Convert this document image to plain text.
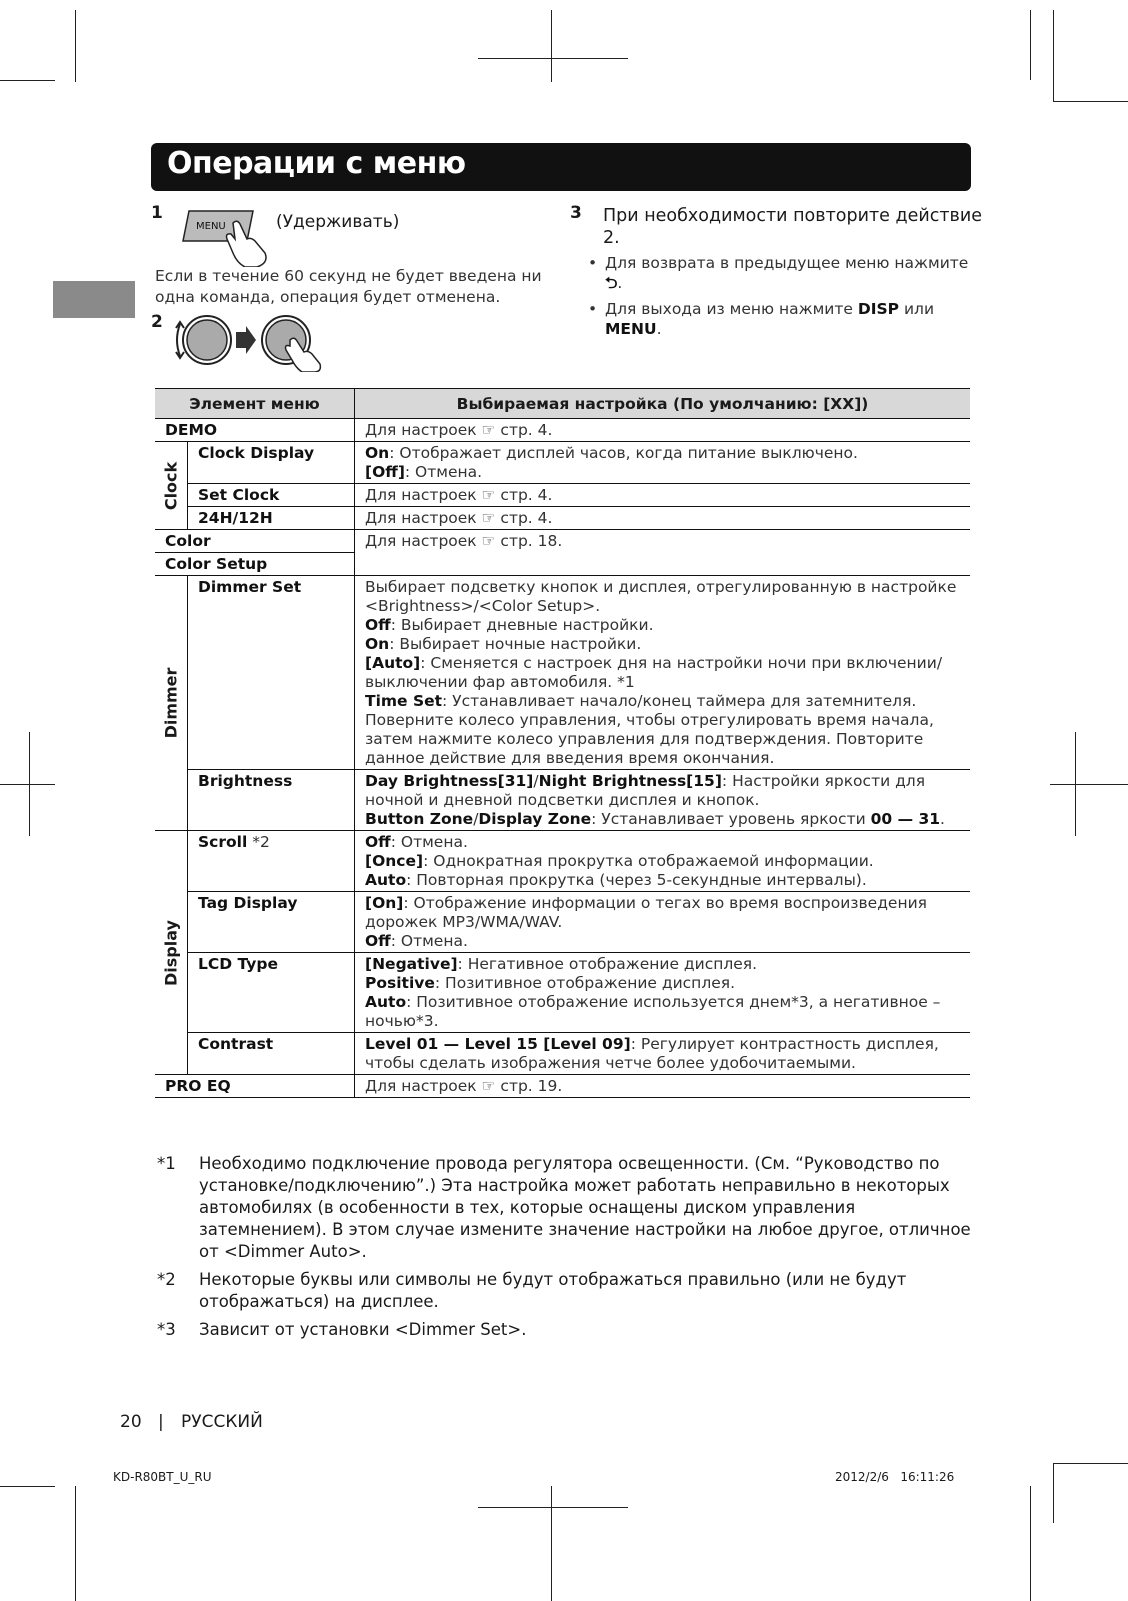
Операции с меню
1
MENU	(Удерживать)
Если в течение 60 секунд не будет введена ни одна команда, операция будет отменена.
2
3 При необходимости повторите действие 2.
• Для возврата в предыдущее меню нажмите
⮌.
• Для выхода из меню нажмите DISP или
MENU.
Элемент меню		Выбираемая настройка (По умолчанию: [XX])
DEMO		Для настроек ☞ стр. 4.

Clock	Clock Display	On: Отображает дисплей часов, когда питание выключено.
[Off]: Отмена.
	Set Clock	Для настроек ☞ стр. 4.
	24H/12H	Для настроек ☞ стр. 4.
Color		Для настроек ☞ стр. 18.
Color Setup		

Dimmer	Dimmer Set	Выбирает подсветку кнопок и дисплея, отрегулированную в настройке <Brightness>/<Color Setup>.
Off: Выбирает дневные настройки.
On: Выбирает ночные настройки.
[Auto]: Сменяется с настроек дня на настройки ночи при включении/выключении фар автомобиля. *1
Time Set: Устанавливает начало/конец таймера для затемнителя. Поверните колесо управления, чтобы отрегулировать время начала, затем нажмите колесо управления для подтверждения. Повторите данное действие для введения время окончания.
	Brightness	Day Brightness[31]/Night Brightness[15]: Настройки яркости для ночной и дневной подсветки дисплея и кнопок.
Button Zone/Display Zone: Устанавливает уровень яркости 00 — 31.

Display	Scroll *2	Off: Отмена.
[Once]: Однократная прокрутка отображаемой информации.
Auto: Повторная прокрутка (через 5-секундные интервалы).
	Tag Display	[On]: Отображение информации о тегах во время воспроизведения дорожек MP3/WMA/WAV.
Off: Отмена.
	LCD Type	[Negative]: Негативное отображение дисплея.
Positive: Позитивное отображение дисплея.
Auto: Позитивное отображение используется днем*3, а негативное – ночью*3.
	Contrast	Level 01 — Level 15 [Level 09]: Регулирует контрастность дисплея, чтобы сделать изображения четче более удобочитаемыми.
PRO EQ		Для настроек ☞ стр. 19.
*1	Необходимо подключение провода регулятора освещенности. (См. “Руководство по установке/подключению”.) Эта настройка может работать неправильно в некоторых автомобилях (в особенности в тех, которые оснащены диском управления затемнением). В этом случае измените значение настройки на любое другое, отличное от <Dimmer Auto>.
*2	Некоторые буквы или символы не будут отображаться правильно (или не будут отображаться) на дисплее.
*3	Зависит от установки <Dimmer Set>.
20 | РУССКИЙ
KD-R80BT_U_RU	2012/2/6   16:11:26
